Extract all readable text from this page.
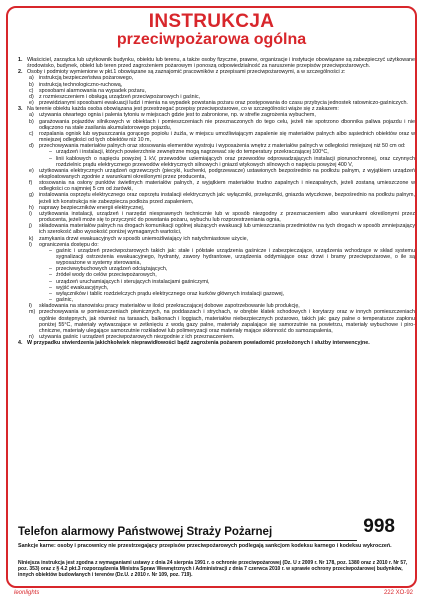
INSTRUKCJA
przeciwpożarowa ogólna
1. Właściciel, zarządca lub użytkownik budynku, obiektu lub terenu, a także osoby fizyczne, prawne, organizacje i instytucje obowiązane są zabezpieczyć użytkowane środowisko, budynek, obiekt lub teren przed zagrożeniem pożarowym i ponoszą odpowiedzialność za naruszenie przepisów przeciwpożarowych.

2. Osoby i podmioty wymienione w pkt.1 obowiązane są zaznajomić pracowników z przepisami przeciwpożarowymi, a w szczególności z:

a) instrukcją bezpieczeństwa pożarowego,
b) instrukcją technologiczno-ruchową,
c)	sposobami alarmowania na wypadek pożaru,
d) z rozmieszczeniem i obsługą urządzeń przeciwpożarowych i gaśnic,
e) przewidzianymi sposobami ewakuacji ludzi i mienia na wypadek powstania pożaru oraz postępowania do czasu przybycia jednostek ratowniczo-gaśniczych.
3. Na terenie obiektu każda osoba obowiązana jest przestrzegać przepisy przeciwpożarowe, co w szczególności wiąże się z zakazem:

a) używania otwartego ognia i palenia tytoniu w miejscach gdzie jest to zabronione, np. w strefie zagrożenia wybuchem,
b) garażowania pojazdów silnikowych w obiektach i pomieszczeniach nie przeznaczonych do tego celu, jeżeli nie spotrzono dbonnika paliwa pojazdu i nie odłączono na stałe zasilania akumulatorowego pojazdu,
c)	rozpalania ognisk lub wypuszczania gorącego popiołu i żużla, w miejscu umożliwiającym zapalenie się materiałów palnych albo sąsiednich obiektów oraz w mniejszej odległości od tych obiektów niż 10 m,
d) przechowywania materiałów palnych oraz stosowania elementów wystroju i wyposażenia wnętrz z materiałów palnych w odległości mniejszej niż 50 cm od:
– urządzeń i instalacji, których powierzchnie zewnętrzne mogą nagrzewać się do temperatury przekraczającej 100°C,
– linii kablowych o napięciu powyżej 1 kV, przewodów uziemiających oraz przewodów odprowadzających instalacji piorunochronnej, oraz czynnych rozdzielnic prądu elektrycznego przewodów elektrycznych silnowych i gniazd wtykowych silnowych o napięciu powyżej 400 V,
e) użytkowania elektrycznych urządzeń ogrzewczych (piecyki, kuchenki, podgrzewacze) ustawionych bezpośrednio na podłożu palnym, z wyjątkiem urządzeń eksploatowanych zgodnie z warunkami określonymi przez producenta,
f)	stosowania na osłony punktów świetlnych materiałów palnych, z wyjątkiem materiałów trudno zapalnych i niezapalnych, jeżeli zostaną umieszczone w odległości co najmniej 5 cm od żarówki,
g) instalowania osprzętu elektrycznego oraz osprzętu instalacji elektrycznych jak: wyłączniki, przełączniki, gniazda wtyczkowe, bezpośrednio na podłożu palnym, jeżeli ich konstrukcja nie zabezpiecza podłoża przed zapaleniem,
h) naprawy bezpieczników energii elektrycznej,
i)	użytkowania instalacji, urządzeń i narzędzi niesprawnych technicznie lub w sposób niezgodny z przeznaczeniem albo warunkami określonymi przez producenta, jeżeli może się to przyczynić do powstania pożaru, wybuchu lub rozprzestrzeniania ognia,
j)	składowania materiałów palnych na drogach komunikacji ogólnej służących ewakuacji lub umieszczania przedmiotów na tych drogach w sposób zmniejszający ich szerokość albo wysokość poniżej wymaganych wartości,
k)	zamykania drzwi ewakuacyjnych w sposób uniemożliwiający ich natychmiastowe użycie,
l)	ograniczenia dostępu do:
– gaśnic i urządzeń przeciwpożarowych takich jak: stałe i półstałe urządzenia gaśnicze i zabezpieczające, urządzenia wchodzące w skład systemu sygnalizacji ostrzeżenia ewakuacyjnego, hydranty, zawory hydrantowe, urządzenia oddymiające oraz drzwi i bramy przeciwpożarowe, o ile są wyposażone w systemy sterowania,
– przeciwwybuchowych urządzeń odciążających,
– źródeł wody do celów przeciwpożarowych,
– urządzeń uruchamiających i sterujących instalacjami gaśniczymi,
– wyjść ewakuacyjnych,
– wyłączników i tablic rozdzielczych prądu elektrycznego oraz kurków głównych instalacji gazowej,
– gaśnic,
ł)	składowania na stanowisku pracy materiałów w ilości przekraczającej dobowe zapotrzebowanie lub produkcję,
m) przechowywania w pomieszczeniach piwnicznych, na poddaszach i strychach, w obrębie klatek schodowych i korytarzy oraz w innych pomieszczeniach ogólnie dostępnych, jak również na tarasach, balkonach i loggiach, materiałów niebezpiecznych pożarowo, takich jak: gazy palne o temperaturze zapłonu poniżej 55°C, materiały wytwarzające w zetknięciu z wodą gazy palne, materiały zapalające się samorzutnie na powietrzu, materiały wybuchowe i piro-chniczne, materiały ulegające samorzutnie rozkładowi lub polimeryzacji oraz materiały mające skłonność do samozapalenia,
n) używania gaśnic i urządzeń przeciwpożarowych niezgodnie z ich przeznaczeniem.
4. W przypadku stwierdzenia jakichkolwiek nieprawidłowości bądź zagrożenia pożarem powiadomić przełożonych i służby interwencyjne.

Telefon alarmowy Państwowej Straży Pożarnej	998
Sankcje karne: osoby i pracownicy nie przestrzegający przepisów przeciwpożarowych podlegają sankcjom kodeksu karnego i kodeksu wykroczeń.
Niniejsza instrukcja jest zgodna z wymaganiami ustawy z dnia 24 sierpnia 1991 r. o ochronie przeciwpożarowej (Dz. U z 2009 r. Nr 178, poz. 1380 oraz z 2010 r. Nr 57, poz. 353) oraz z § 4.2 pkt.3 rozporządzenia Ministra Spraw Wewnętrznych i Administracji z dnia 7 czerwca 2010 r. w sprawie ochrony przeciwpożarowej budynków, innych obiektów budowlanych i terenów (Dz.U. z 2010 r. Nr 109, poz. 719).
leonlights	222 XO-92
